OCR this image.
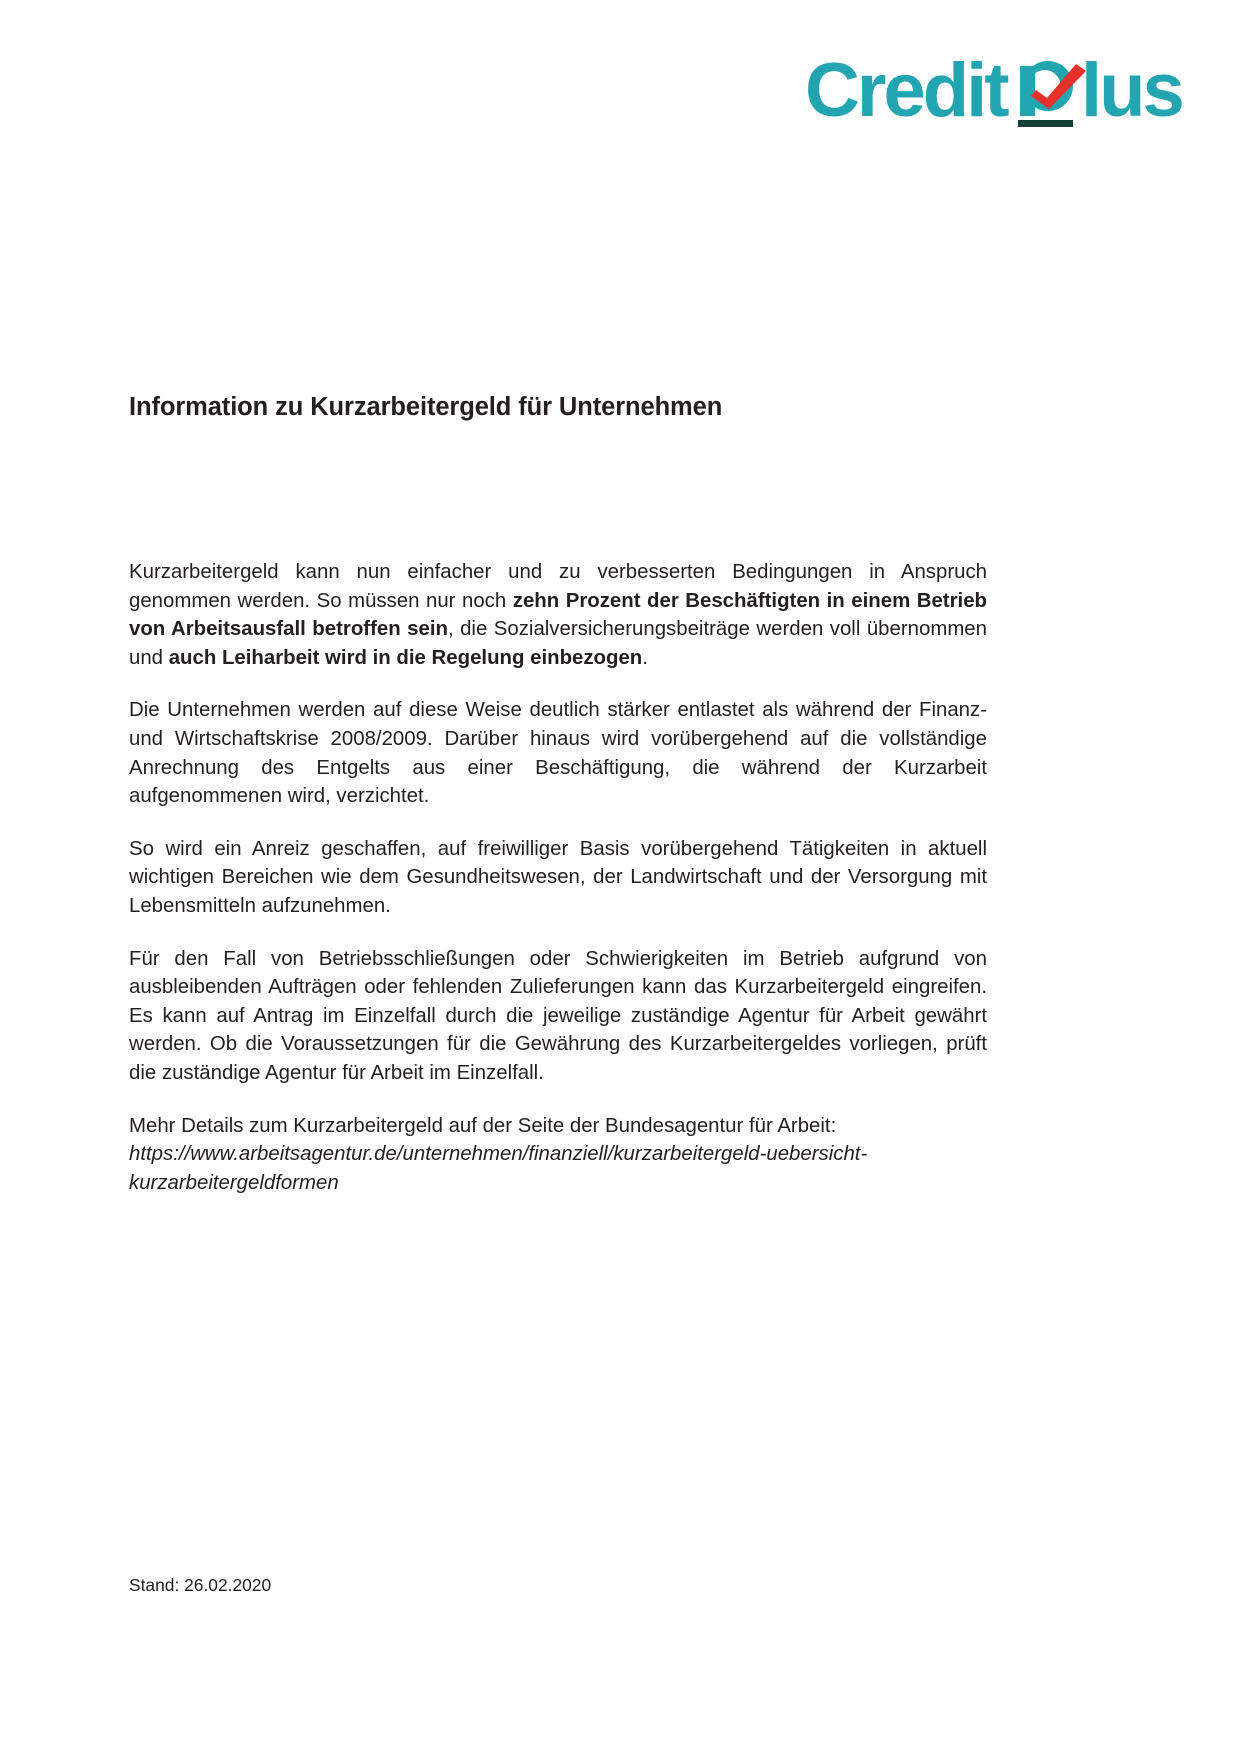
Credit lus
Information zu Kurzarbeitergeld für Unternehmen

Kurzarbeitergeld kann nun einfacher und zu verbesserten Bedingungen in Anspruch genommen werden. So müssen nur noch zehn Prozent der Beschäftigten in einem Betrieb von Arbeitsausfall betroffen sein, die Sozialversicherungsbeiträge werden voll übernommen und auch Leiharbeit wird in die Regelung einbezogen.

Die Unternehmen werden auf diese Weise deutlich stärker entlastet als während der Finanz- und Wirtschaftskrise 2008/2009. Darüber hinaus wird vorübergehend auf die vollständige Anrechnung des Entgelts aus einer Beschäftigung, die während der Kurzarbeit aufgenommenen wird, verzichtet.

So wird ein Anreiz geschaffen, auf freiwilliger Basis vorübergehend Tätigkeiten in aktuell wichtigen Bereichen wie dem Gesundheitswesen, der Landwirtschaft und der Versorgung mit Lebensmitteln aufzunehmen.

Für den Fall von Betriebsschließungen oder Schwierigkeiten im Betrieb aufgrund von ausbleibenden Aufträgen oder fehlenden Zulieferungen kann das Kurzarbeitergeld eingreifen. Es kann auf Antrag im Einzelfall durch die jeweilige zuständige Agentur für Arbeit gewährt werden. Ob die Voraussetzungen für die Gewährung des Kurzarbeitergeldes vorliegen, prüft die zuständige Agentur für Arbeit im Einzelfall.

Mehr Details zum Kurzarbeitergeld auf der Seite der Bundesagentur für Arbeit:
https://www.arbeitsagentur.de/unternehmen/finanziell/kurzarbeitergeld-uebersicht-kurzarbeitergeldformen

Stand: 26.02.2020
